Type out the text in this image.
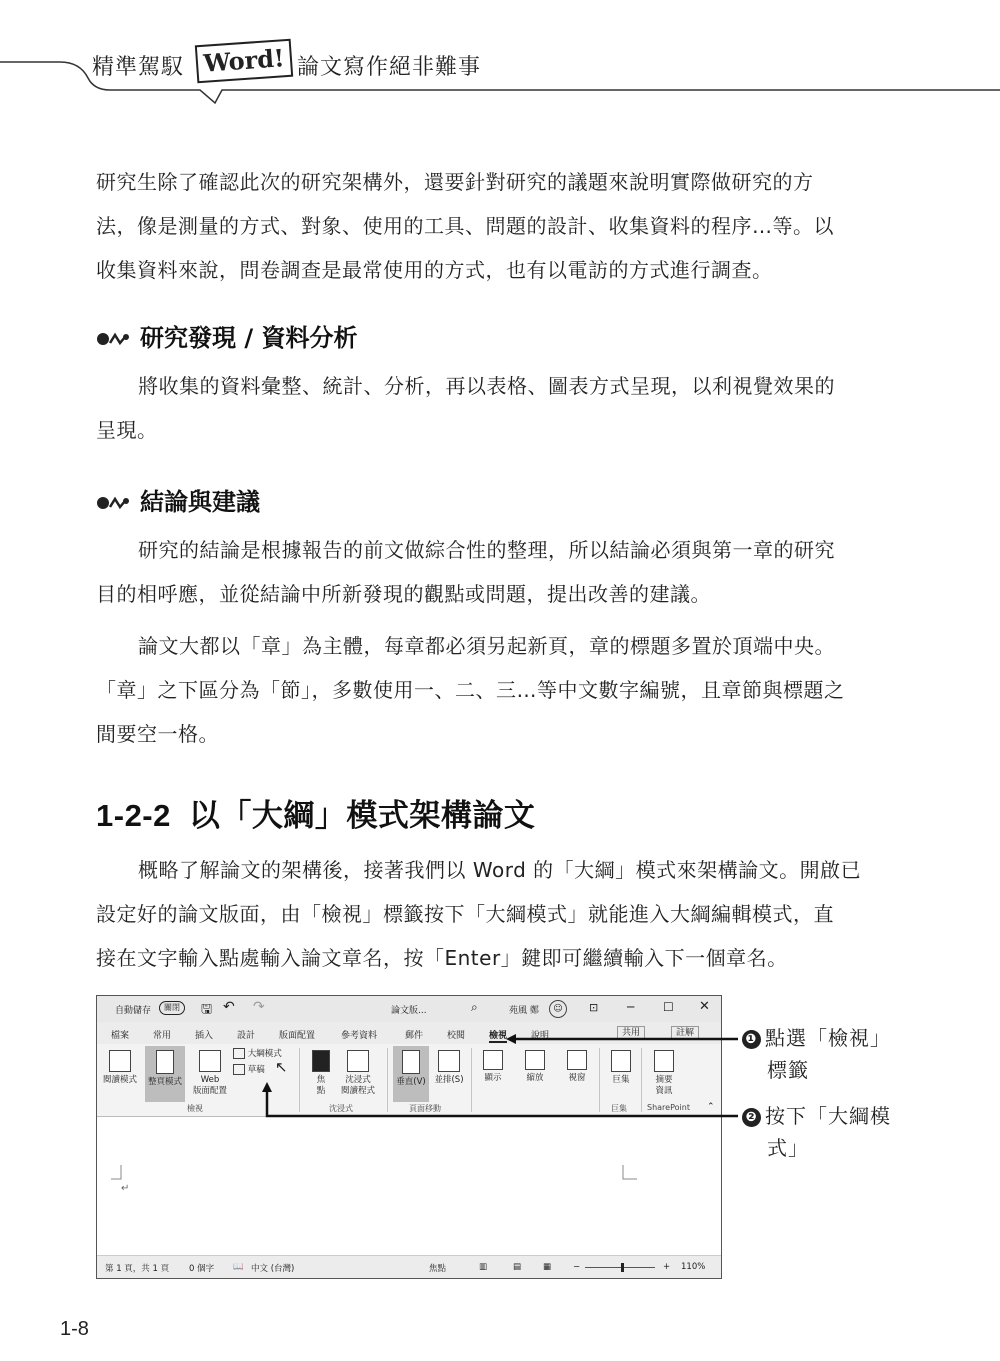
精準駕馭 Word! 論文寫作絕非難事
研究生除了確認此次的研究架構外，還要針對研究的議題來說明實際做研究的方
法，像是測量的方式、對象、使用的工具、問題的設計、收集資料的程序…等。以
收集資料來說，問卷調查是最常使用的方式，也有以電訪的方式進行調查。
研究發現 / 資料分析
將收集的資料彙整、統計、分析，再以表格、圖表方式呈現，以利視覺效果的
呈現。
結論與建議
研究的結論是根據報告的前文做綜合性的整理，所以結論必須與第一章的研究
目的相呼應，並從結論中所新發現的觀點或問題，提出改善的建議。
論文大都以「章」為主體，每章都必須另起新頁，章的標題多置於頂端中央。
「章」之下區分為「節」，多數使用一、二、三…等中文數字編號，且章節與標題之
間要空一格。
1-2-2 以「大綱」模式架構論文
概略了解論文的架構後，接著我們以 Word 的「大綱」模式來架構論文。開啟已
設定好的論文版面，由「檢視」標籤按下「大綱模式」就能進入大綱編輯模式，直
接在文字輸入點處輸入論文章名，按「Enter」鍵即可繼續輸入下一個章名。
自動儲存	關閉	🖫 ↶ ↷	論文版...	⌕	苑風 鄭	☺	⊡ ─ ☐ ✕
檔案	常用	插入	設計	版面配置	參考資料	郵件	校閱	檢視	說明	共用	註解
閱讀模式	整頁模式	Web
版面配置
大綱模式
草稿 ↖
檢視
焦
點
沈浸式
閱讀程式
沈浸式
垂直(V)	並排(S)
頁面移動
顯示	縮放	視窗	巨集
巨集
摘要
資訊
SharePoint ⌃
↵
第 1 頁，共 1 頁 0 個字 📖 中文 (台灣)	焦點	▥	▤	▦	−	+ 110%
❶ 點選「檢視」
標籤
❷ 按下「大綱模
式」
1-8
